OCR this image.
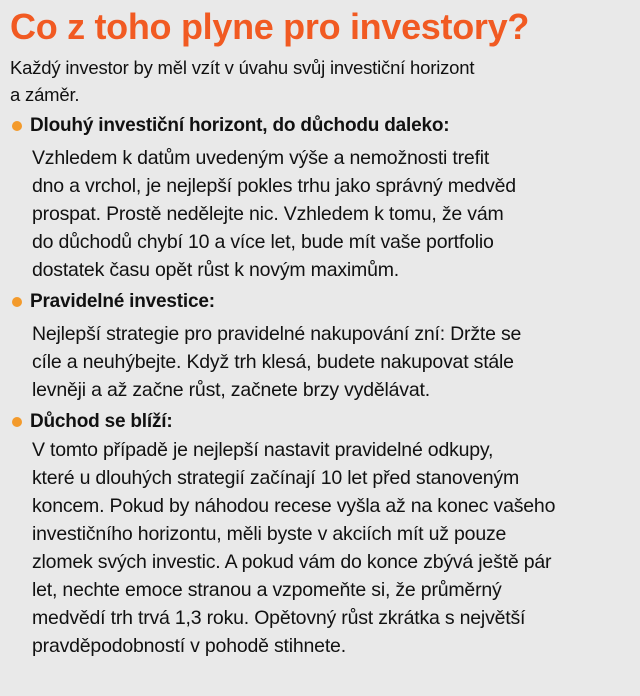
Co z toho plyne pro investory?
Každý investor by měl vzít v úvahu svůj investiční horizont
a záměr.
Dlouhý investiční horizont, do důchodu daleko:
Vzhledem k datům uvedeným výše a nemožnosti trefit
dno a vrchol, je nejlepší pokles trhu jako správný medvěd
prospat. Prostě nedělejte nic. Vzhledem k tomu, že vám
do důchodů chybí 10 a více let, bude mít vaše portfolio
dostatek času opět růst k novým maximům.
Pravidelné investice:
Nejlepší strategie pro pravidelné nakupování zní: Držte se
cíle a neuhýbejte. Když trh klesá, budete nakupovat stále
levněji a až začne růst, začnete brzy vydělávat.
Důchod se blíží:
V tomto případě je nejlepší nastavit pravidelné odkupy,
které u dlouhých strategií začínají 10 let před stanoveným
koncem. Pokud by náhodou recese vyšla až na konec vašeho
investičního horizontu, měli byste v akciích mít už pouze
zlomek svých investic. A pokud vám do konce zbývá ještě pár
let, nechte emoce stranou a vzpomeňte si, že průměrný
medvědí trh trvá 1,3 roku. Opětovný růst zkrátka s největší
pravděpodobností v pohodě stihnete.
